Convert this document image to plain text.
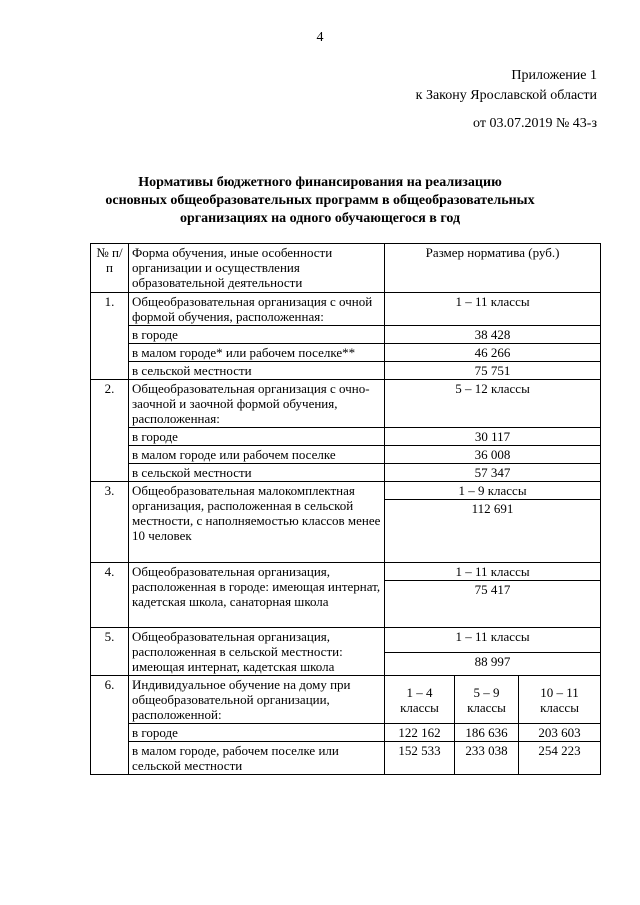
4
Приложение 1
к Закону Ярославской области
от 03.07.2019 № 43-з
Нормативы бюджетного финансирования на реализацию
основных общеобразовательных программ в общеобразовательных
организациях на одного обучающегося в год
№ п/п	Форма обучения, иные особенности организации и осуществления образовательной деятельности	Размер норматива (руб.)		
1.	Общеобразовательная организация с очной формой обучения, расположенная:	1 – 11 классы		
	в городе	38 428		
	в малом городе* или рабочем поселке**	46 266		
	в сельской местности	75 751		
2.	Общеобразовательная организация с очно-заочной и заочной формой обучения, расположенная:	5 – 12 классы		
	в городе	30 117		
	в малом городе или рабочем поселке	36 008		
	в сельской местности	57 347		
3.	Общеобразовательная малокомплектная организация, расположенная в сельской местности, с наполняемостью классов менее 10 человек	1 – 9 классы		
		112 691		
4.	Общеобразовательная организация, расположенная в городе: имеющая интернат, кадетская школа, санаторная школа	1 – 11 классы		
		75 417		
5.	Общеобразовательная организация, расположенная в сельской местности: имеющая интернат, кадетская школа	1 – 11 классы		
		88 997		
6.	Индивидуальное обучение на дому при общеобразовательной организации, расположенной:	1 – 4 классы	5 – 9 классы	10 – 11 классы
	в городе	122 162	186 636	203 603
	в малом городе, рабочем поселке или сельской местности	152 533	233 038	254 223
